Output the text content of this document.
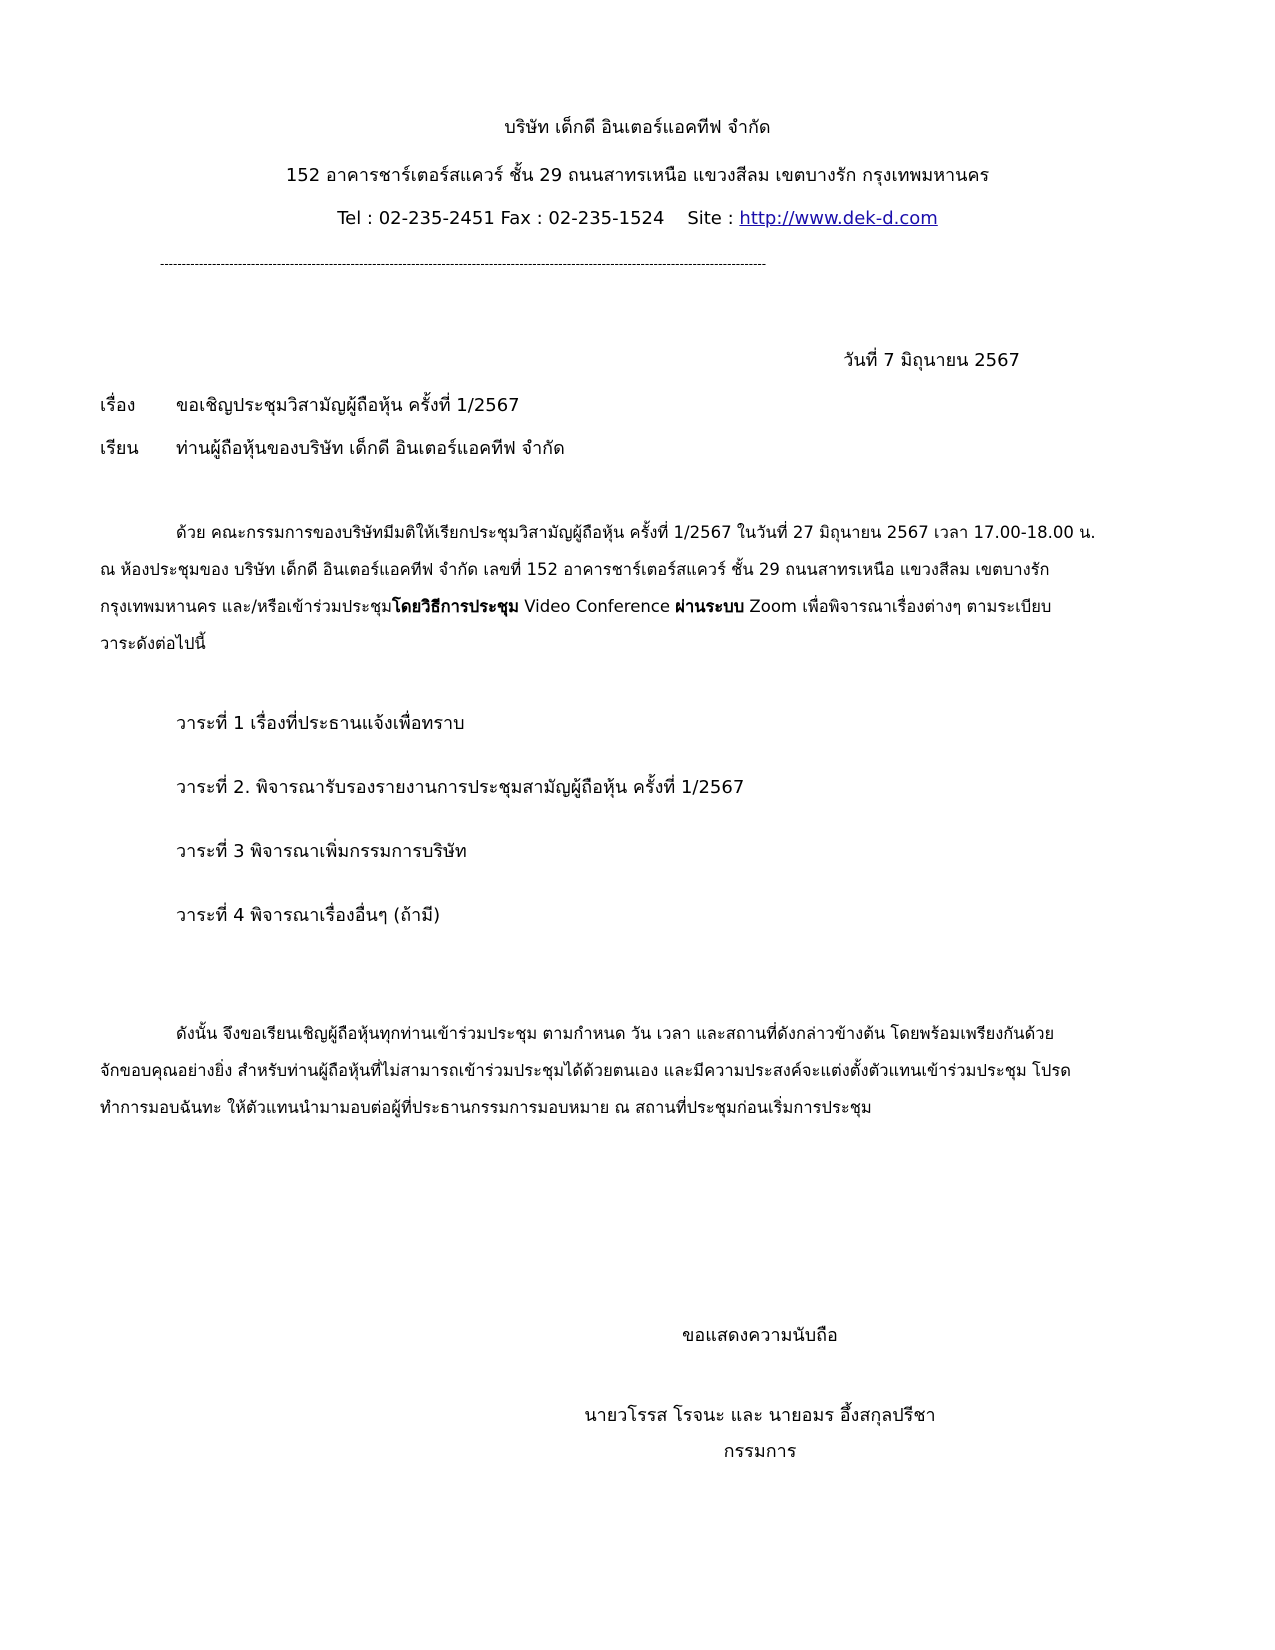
บริษัท เด็กดี อินเตอร์แอคทีฟ จำกัด
152 อาคารชาร์เตอร์สแควร์ ชั้น 29 ถนนสาทรเหนือ แขวงสีลม เขตบางรัก กรุงเทพมหานคร
Tel : 02-235-2451 Fax : 02-235-1524    Site : http://www.dek-d.com
--------------------------------------------------------------------------------------------------------------------------------------------
วันที่ 7 มิถุนายน 2567
เรื่อง ขอเชิญประชุมวิสามัญผู้ถือหุ้น ครั้งที่ 1/2567
เรียน ท่านผู้ถือหุ้นของบริษัท เด็กดี อินเตอร์แอคทีฟ จำกัด
ด้วย คณะกรรมการของบริษัทมีมติให้เรียกประชุมวิสามัญผู้ถือหุ้น ครั้งที่ 1/2567 ในวันที่ 27 มิถุนายน 2567 เวลา 17.00-18.00 น.
ณ ห้องประชุมของ บริษัท เด็กดี อินเตอร์แอคทีฟ จำกัด เลขที่ 152 อาคารชาร์เตอร์สแควร์ ชั้น 29 ถนนสาทรเหนือ แขวงสีลม เขตบางรัก
กรุงเทพมหานคร และ/หรือเข้าร่วมประชุมโดยวิธีการประชุม Video Conference ผ่านระบบ Zoom เพื่อพิจารณาเรื่องต่างๆ ตามระเบียบ
วาระดังต่อไปนี้
วาระที่ 1 เรื่องที่ประธานแจ้งเพื่อทราบ
วาระที่ 2. พิจารณารับรองรายงานการประชุมสามัญผู้ถือหุ้น ครั้งที่ 1/2567
วาระที่ 3 พิจารณาเพิ่มกรรมการบริษัท
วาระที่ 4 พิจารณาเรื่องอื่นๆ (ถ้ามี)
ดังนั้น จึงขอเรียนเชิญผู้ถือหุ้นทุกท่านเข้าร่วมประชุม ตามกำหนด วัน เวลา และสถานที่ดังกล่าวข้างต้น โดยพร้อมเพรียงกันด้วย
จักขอบคุณอย่างยิ่ง สำหรับท่านผู้ถือหุ้นที่ไม่สามารถเข้าร่วมประชุมได้ด้วยตนเอง และมีความประสงค์จะแต่งตั้งตัวแทนเข้าร่วมประชุม โปรด
ทำการมอบฉันทะ ให้ตัวแทนนำมามอบต่อผู้ที่ประธานกรรมการมอบหมาย ณ สถานที่ประชุมก่อนเริ่มการประชุม
ขอแสดงความนับถือ
นายวโรรส โรจนะ และ นายอมร อึ้งสกุลปรีชา
กรรมการ
